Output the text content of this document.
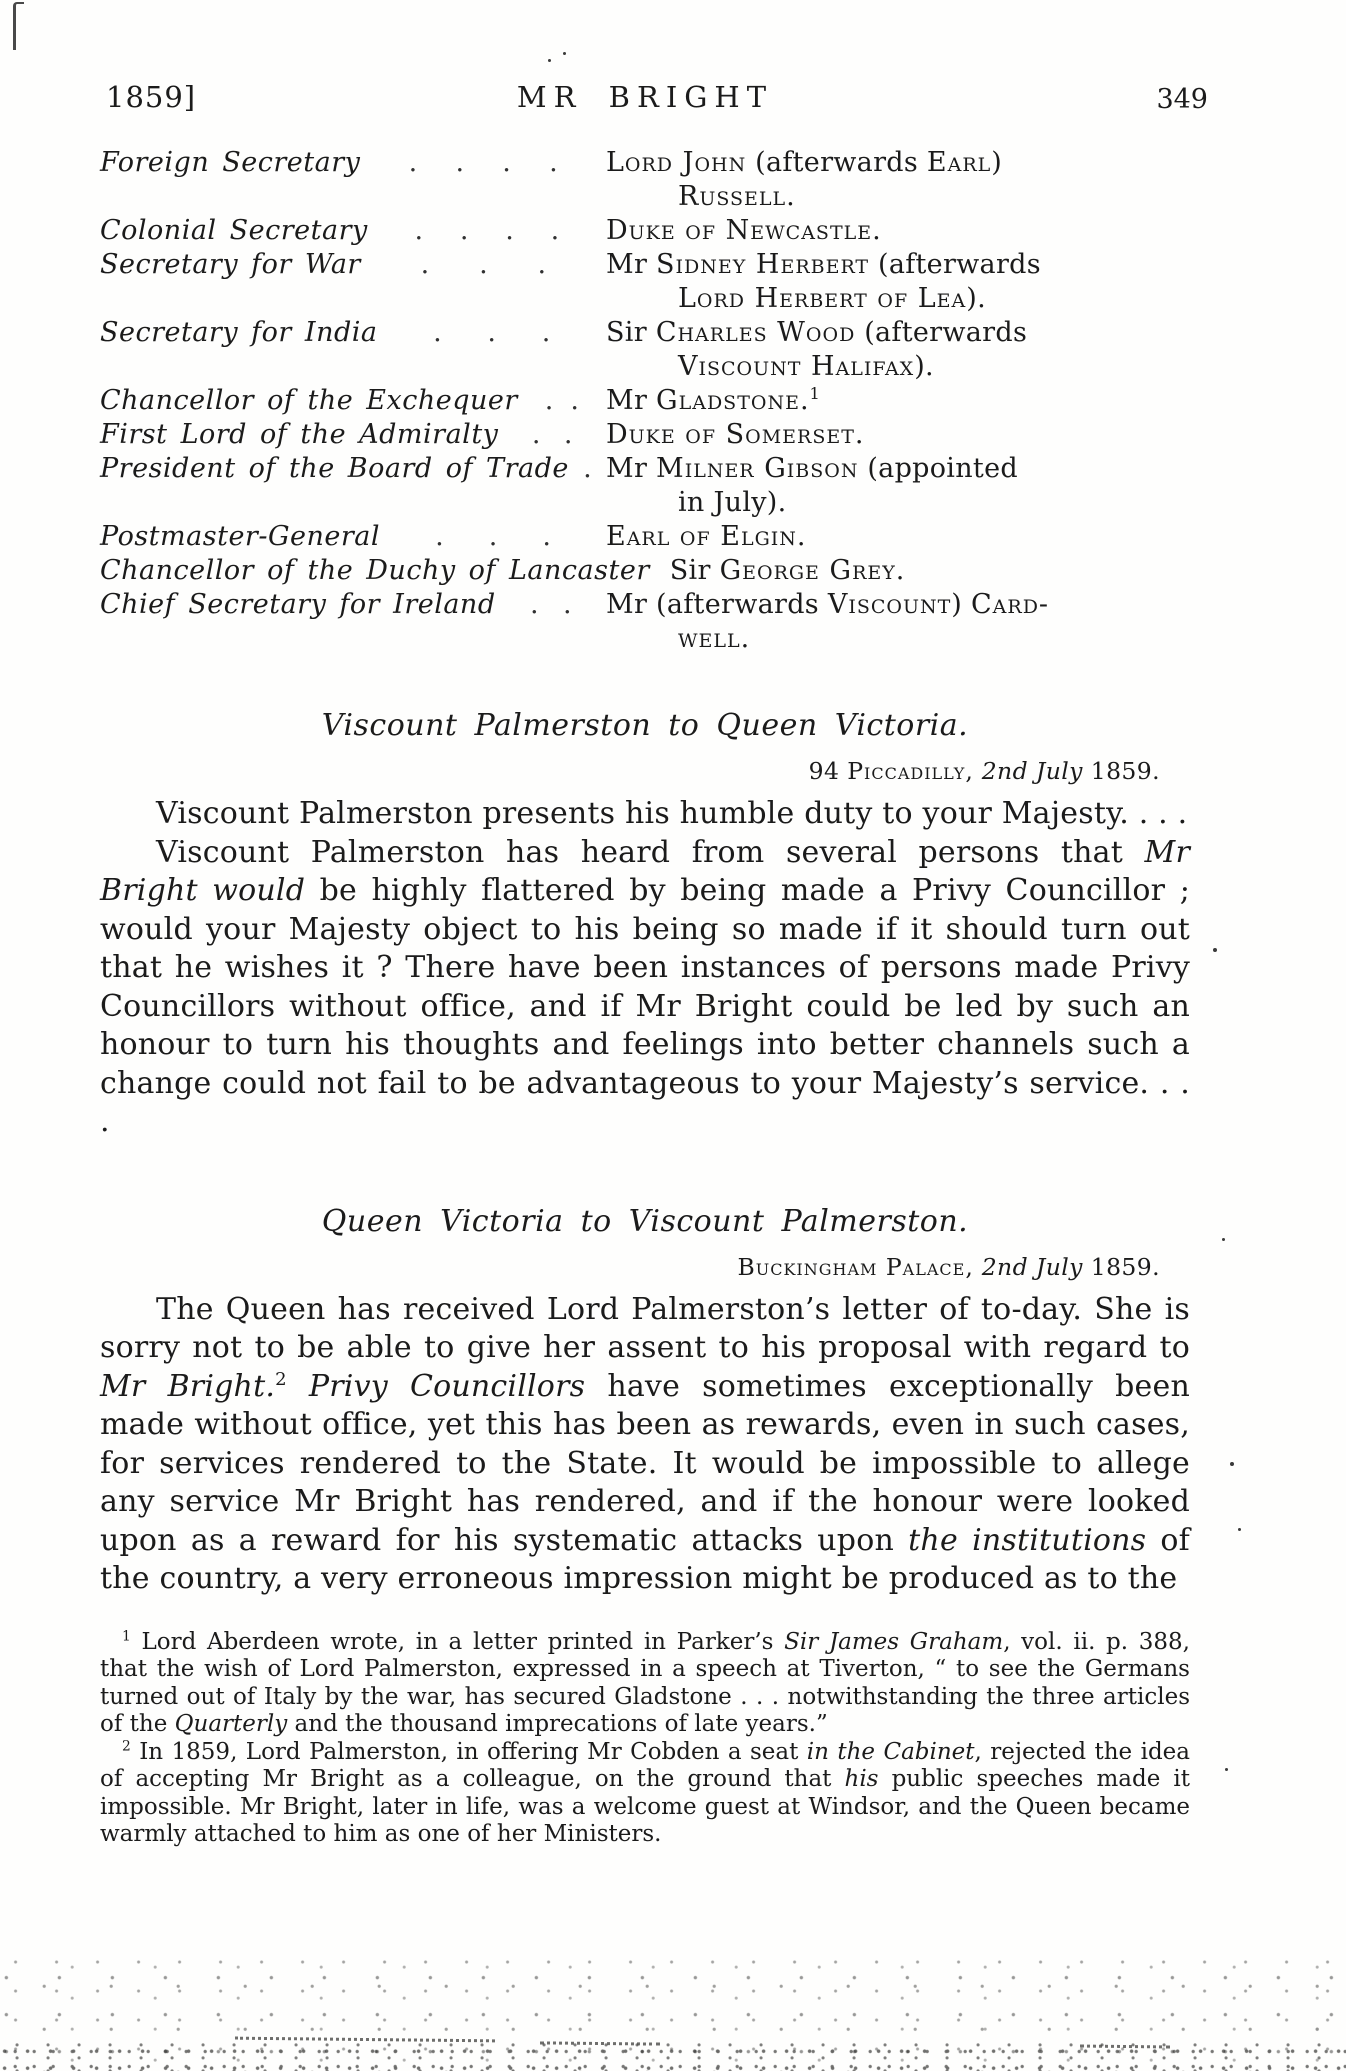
1859]	MR BRIGHT	349
Foreign Secretary . . . . Lord John (afterwards Earl)
Russell.
Colonial Secretary . . . . Duke of Newcastle.
Secretary for War . . . Mr Sidney Herbert (afterwards
Lord Herbert of Lea).
Secretary for India . . . Sir Charles Wood (afterwards
Viscount Halifax).
Chancellor of the Exchequer . . Mr Gladstone.$^1$
First Lord of the Admiralty . . Duke of Somerset.
President of the Board of Trade . Mr Milner Gibson (appointed
in July).
Postmaster-General . . . Earl of Elgin.
Chancellor of the Duchy of Lancaster Sir George Grey.
Chief Secretary for Ireland . . Mr (afterwards Viscount) Card-
well.
Viscount Palmerston to Queen Victoria.
94 Piccadilly, 2nd July 1859.

Viscount Palmerston presents his humble duty to your Majesty. . . .

Viscount Palmerston has heard from several persons that Mr Bright would be highly flattered by being made a Privy Councillor ; would your Majesty object to his being so made if it should turn out that he wishes it ? There have been instances of persons made Privy Councillors without office, and if Mr Bright could be led by such an honour to turn his thoughts and feelings into better channels such a change could not fail to be advantageous to your Majesty’s service. . . .

Queen Victoria to Viscount Palmerston.
Buckingham Palace, 2nd July 1859.

The Queen has received Lord Palmerston’s letter of to-day. She is sorry not to be able to give her assent to his proposal with regard to Mr Bright.$^2$ Privy Councillors have sometimes exceptionally been made without office, yet this has been as rewards, even in such cases, for services rendered to the State. It would be impossible to allege any service Mr Bright has rendered, and if the honour were looked upon as a reward for his systematic attacks upon the institutions of the country, a very erroneous impression might be produced as to the

$^1$ Lord Aberdeen wrote, in a letter printed in Parker’s Sir James Graham, vol. ii. p. 388, that the wish of Lord Palmerston, expressed in a speech at Tiverton, “ to see the Germans turned out of Italy by the war, has secured Gladstone . . . notwithstanding the three articles of the Quarterly and the thousand imprecations of late years.”

$^2$ In 1859, Lord Palmerston, in offering Mr Cobden a seat in the Cabinet, rejected the idea of accepting Mr Bright as a colleague, on the ground that his public speeches made it impossible. Mr Bright, later in life, was a welcome guest at Windsor, and the Queen became warmly attached to him as one of her Ministers.
